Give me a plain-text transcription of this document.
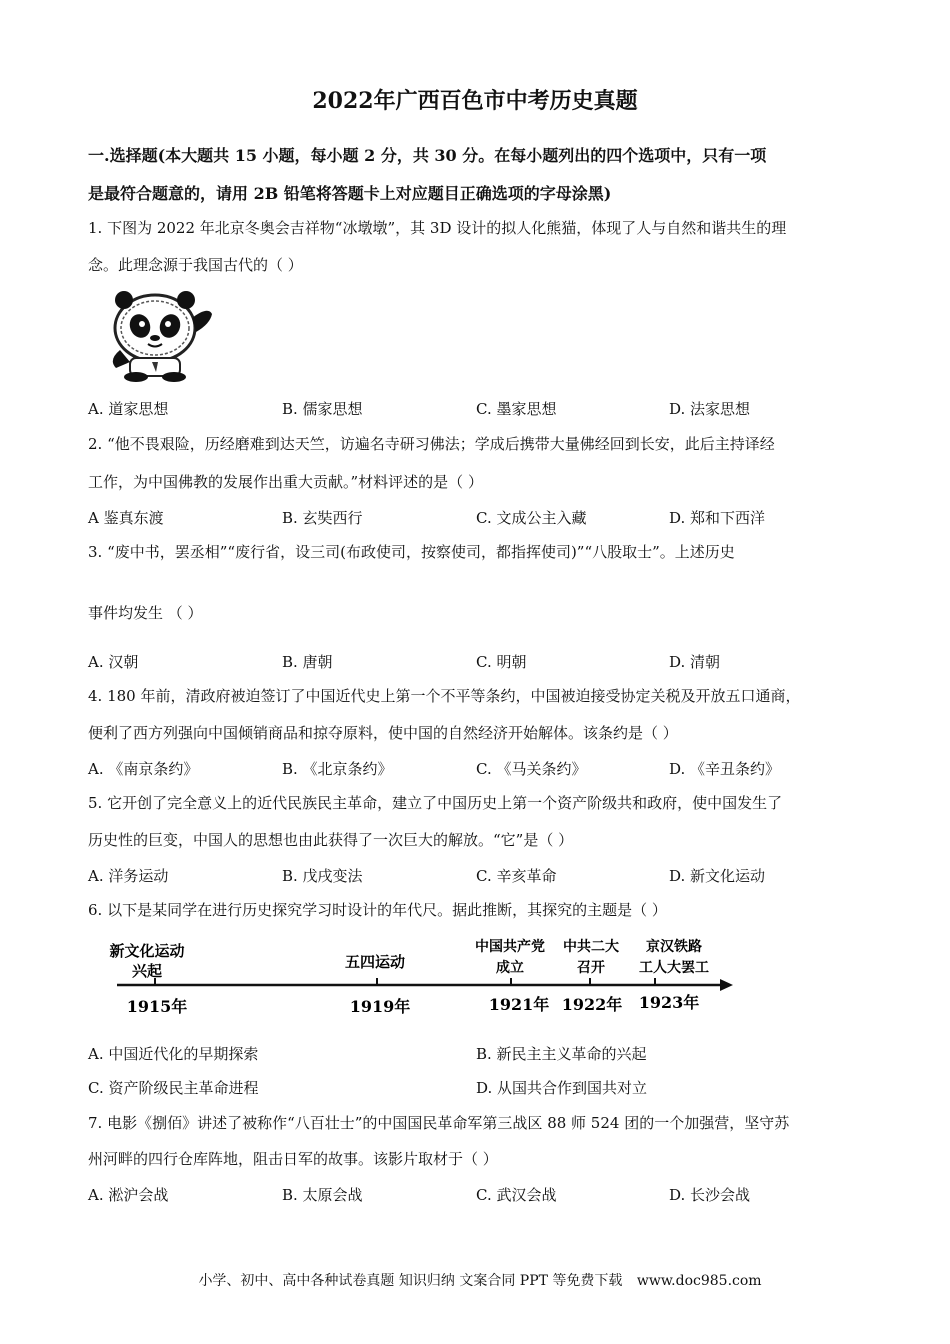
2022年广西百色市中考历史真题
一.选择题(本大题共 15 小题，每小题 2 分，共 30 分。在每小题列出的四个选项中，只有一项
是最符合题意的，请用 2B 铅笔将答题卡上对应题目正确选项的字母涂黑)
1. 下图为 2022 年北京冬奥会吉祥物“冰墩墩”，其 3D 设计的拟人化熊猫，体现了人与自然和谐共生的理
念。此理念源于我国古代的（ ）
A. 道家思想	B. 儒家思想	C. 墨家思想	D. 法家思想
2. “他不畏艰险，历经磨难到达天竺，访遍名寺研习佛法；学成后携带大量佛经回到长安，此后主持译经
工作，为中国佛教的发展作出重大贡献。”材料评述的是（ ）
A 鉴真东渡	B. 玄奘西行	C. 文成公主入藏	D. 郑和下西洋
3. “废中书，罢丞相”“废行省，设三司(布政使司，按察使司，都指挥使司)”“八股取士”。上述历史
事件均发生 （ ）
A. 汉朝	B. 唐朝	C. 明朝	D. 清朝
4. 180 年前，清政府被迫签订了中国近代史上第一个不平等条约，中国被迫接受协定关税及开放五口通商，
便利了西方列强向中国倾销商品和掠夺原料，使中国的自然经济开始解体。该条约是（ ）
A. 《南京条约》	B. 《北京条约》	C. 《马关条约》	D. 《辛丑条约》
5. 它开创了完全意义上的近代民族民主革命，建立了中国历史上第一个资产阶级共和政府，使中国发生了
历史性的巨变，中国人的思想也由此获得了一次巨大的解放。“它”是（ ）
A. 洋务运动	B. 戊戌变法	C. 辛亥革命	D. 新文化运动
6. 以下是某同学在进行历史探究学习时设计的年代尺。据此推断，其探究的主题是（ ）
新文化运动
兴起
1915年
五四运动
1919年
中国共产党
成立
1921年
中共二大
召开
1922年
京汉铁路
工人大罢工
1923年
A. 中国近代化的早期探索	B. 新民主主义革命的兴起
C. 资产阶级民主革命进程	D. 从国共合作到国共对立
7. 电影《捌佰》讲述了被称作“八百壮士”的中国国民革命军第三战区 88 师 524 团的一个加强营，坚守苏
州河畔的四行仓库阵地，阻击日军的故事。该影片取材于（ ）
A. 淞沪会战	B. 太原会战	C. 武汉会战	D. 长沙会战
小学、初中、高中各种试卷真题 知识归纳 文案合同 PPT 等免费下载 www.doc985.com
